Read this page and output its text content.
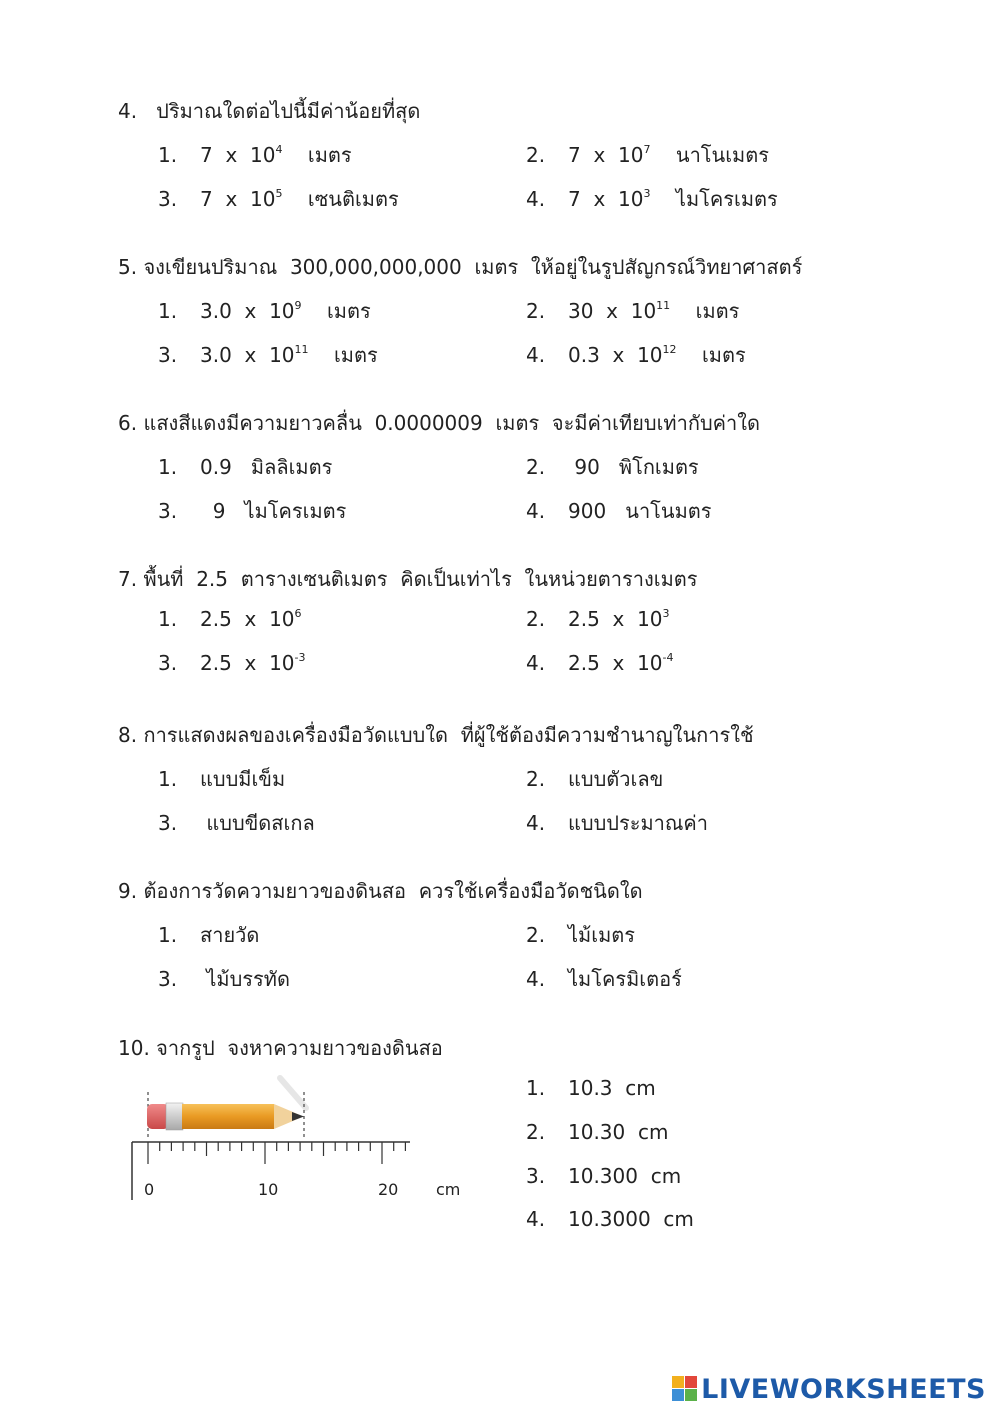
4. ปริมาณใดต่อไปนี้มีค่าน้อยที่สุด
1. 7  x  $10^4$ เมตร	2. 7  x  $10^7$ นาโนเมตร
3. 7  x  $10^5$ เซนติเมตร	4. 7  x  $10^3$ ไมโครเมตร
5. จงเขียนปริมาณ  300,000,000,000  เมตร  ให้อยู่ในรูปสัญกรณ์วิทยาศาสตร์
1. 3.0  x  $10^9$ เมตร	2. 30  x  $10^{11}$ เมตร
3. 3.0  x  $10^{11}$ เมตร	4. 0.3  x  $10^{12}$ เมตร
6. แสงสีแดงมีความยาวคลื่น  0.0000009  เมตร  จะมีค่าเทียบเท่ากับค่าใด
1. 0.9 มิลลิเมตร	2. 90 พิโกเมตร
3.  9 ไมโครเมตร	4. 900 นาโนมตร
7. พื้นที่  2.5  ตารางเซนติเมตร  คิดเป็นเท่าไร  ในหน่วยตารางเมตร
1. 2.5  x  $10^6$	2. 2.5  x  $10^3$
3. 2.5  x  $10^{-3}$	4. 2.5  x  $10^{-4}$
8. การแสดงผลของเครื่องมือวัดแบบใด  ที่ผู้ใช้ต้องมีความชำนาญในการใช้
1. แบบมีเข็ม	2. แบบตัวเลข
3. แบบขีดสเกล	4. แบบประมาณค่า
9. ต้องการวัดความยาวของดินสอ  ควรใช้เครื่องมือวัดชนิดใด
1. สายวัด	2. ไม้เมตร
3. ไม้บรรทัด	4. ไมโครมิเตอร์
10. จากรูป  จงหาความยาวของดินสอ
0	10	20 cm
1. 10.3  cm
2. 10.30  cm
3. 10.300  cm
4. 10.3000  cm
LIVEWORKSHEETS
